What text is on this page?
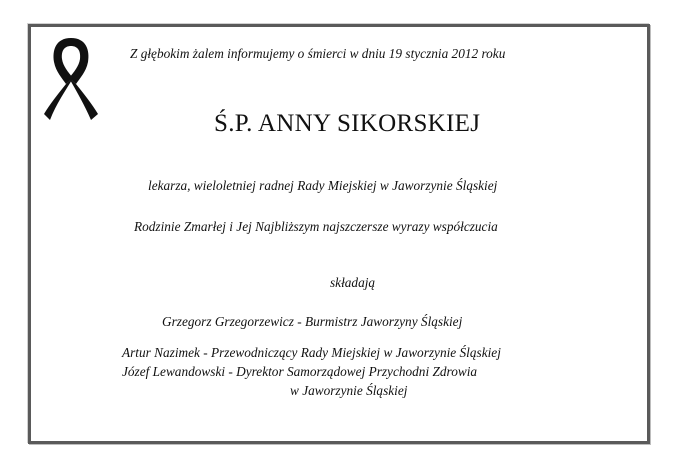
Z głębokim żalem informujemy o śmierci w dniu 19 stycznia 2012 roku
Ś.P. ANNY SIKORSKIEJ
lekarza, wieloletniej radnej Rady Miejskiej w Jaworzynie Śląskiej
Rodzinie Zmarłej i Jej Najbliższym najszczersze wyrazy współczucia
składają
Grzegorz Grzegorzewicz - Burmistrz Jaworzyny Śląskiej
Artur Nazimek - Przewodniczący Rady Miejskiej w Jaworzynie Śląskiej
Józef Lewandowski - Dyrektor Samorządowej Przychodni Zdrowia
w Jaworzynie Śląskiej
